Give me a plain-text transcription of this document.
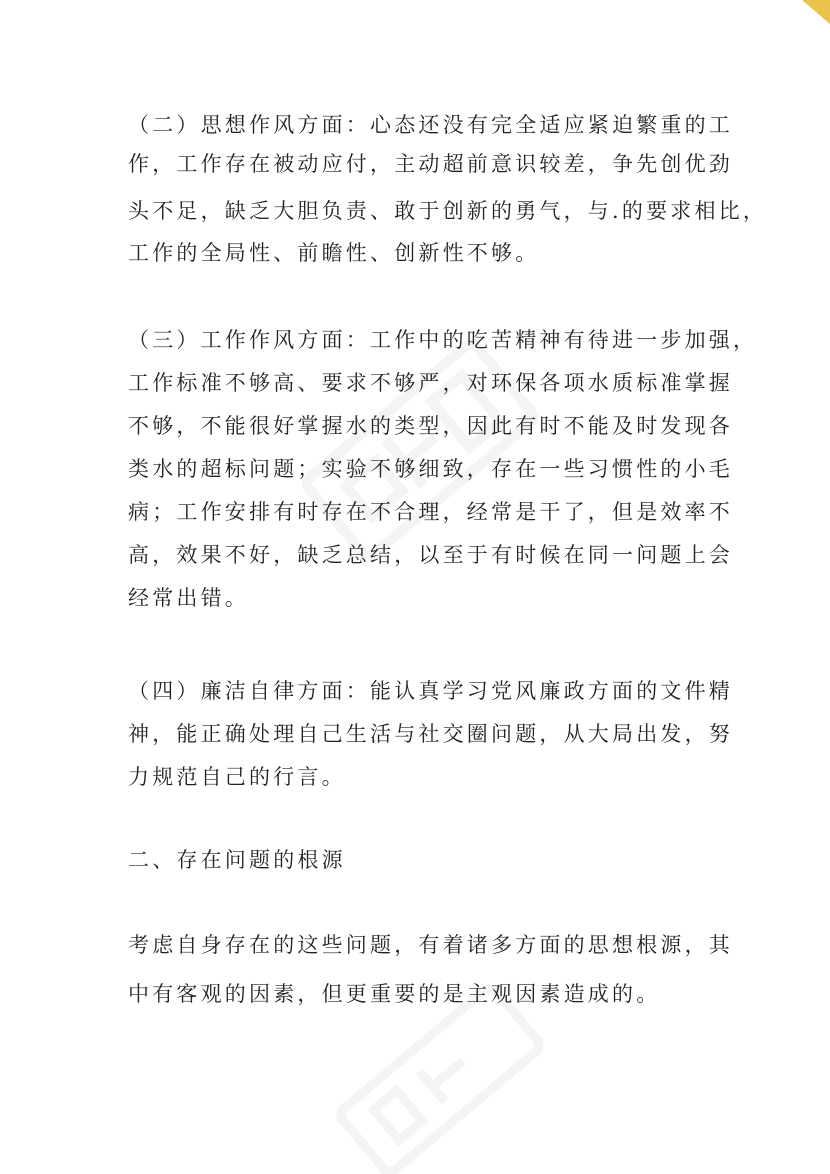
（二）思想作风方面：心态还没有完全适应紧迫繁重的工
作，工作存在被动应付，主动超前意识较差，争先创优劲
头不足，缺乏大胆负责、敢于创新的勇气，与.的要求相比，
工作的全局性、前瞻性、创新性不够。
（三）工作作风方面：工作中的吃苦精神有待进一步加强，
工作标准不够高、要求不够严，对环保各项水质标准掌握
不够，不能很好掌握水的类型，因此有时不能及时发现各
类水的超标问题；实验不够细致，存在一些习惯性的小毛
病；工作安排有时存在不合理，经常是干了，但是效率不
高，效果不好，缺乏总结，以至于有时候在同一问题上会
经常出错。
（四）廉洁自律方面：能认真学习党风廉政方面的文件精
神，能正确处理自己生活与社交圈问题，从大局出发，努
力规范自己的行言。
二、存在问题的根源
考虑自身存在的这些问题，有着诸多方面的思想根源，其
中有客观的因素，但更重要的是主观因素造成的。
